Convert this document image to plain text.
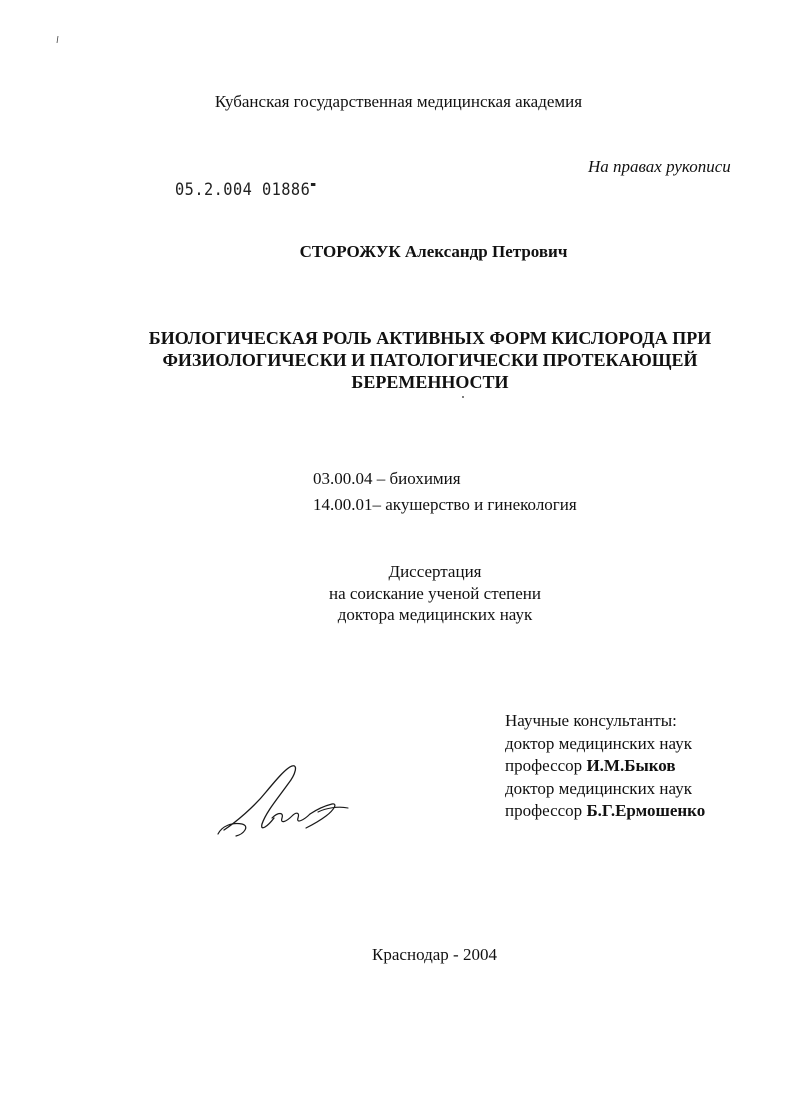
Кубанская государственная медицинская академия
На правах рукописи
05.2.004 01886
СТОРОЖУК Александр Петрович
БИОЛОГИЧЕСКАЯ РОЛЬ АКТИВНЫХ ФОРМ КИСЛОРОДА ПРИ
ФИЗИОЛОГИЧЕСКИ И ПАТОЛОГИЧЕСКИ ПРОТЕКАЮЩЕЙ
БЕРЕМЕННОСТИ
03.00.04 – биохимия
14.00.01– акушерство и гинекология
Диссертация
на соискание ученой степени
доктора медицинских наук
Научные консультанты:
доктор медицинских наук
профессор И.М.Быков
доктор медицинских наук
профессор Б.Г.Ермошенко
Краснодар - 2004
